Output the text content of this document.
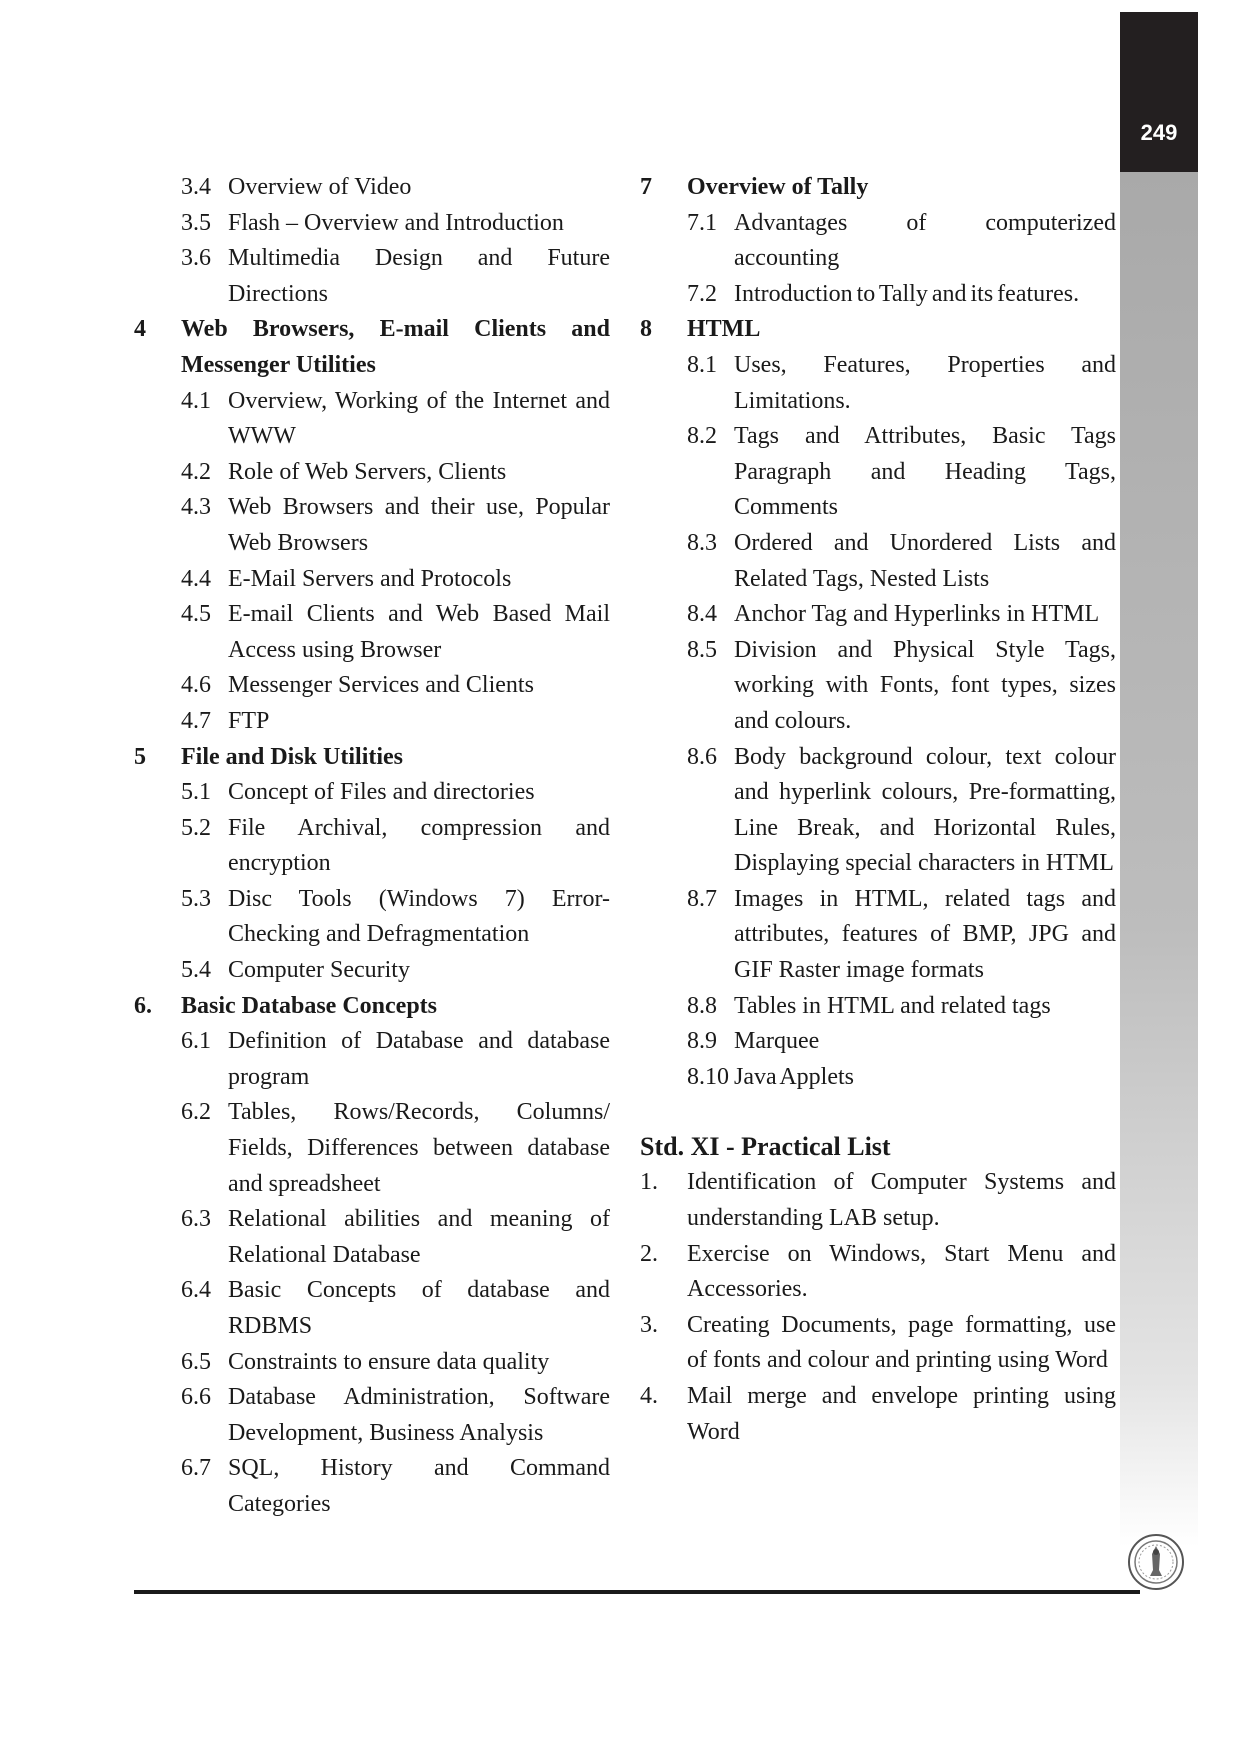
249
3.4 Overview of Video
3.5 Flash – Overview and Introduction
3.6 Multimedia Design and Future Directions
4 Web Browsers, E-mail Clients and Messenger Utilities
4.1 Overview, Working of the Internet and WWW
4.2 Role of Web Servers, Clients
4.3 Web Browsers and their use, Popular Web Browsers
4.4 E-Mail Servers and Protocols
4.5 E-mail Clients and Web Based Mail Access using Browser
4.6 Messenger Services and Clients
4.7 FTP
5 File and Disk Utilities
5.1 Concept of Files and directories
5.2 File Archival, compression and encryption
5.3 Disc Tools (Windows 7) Error-Checking and Defragmentation
5.4 Computer Security
6. Basic Database Concepts
6.1 Definition of Database and database program
6.2 Tables, Rows/Records, Columns/ Fields, Differences between database and spreadsheet
6.3 Relational abilities and meaning of Relational Database
6.4 Basic Concepts of database and RDBMS
6.5 Constraints to ensure data quality
6.6 Database Administration, Software Development, Business Analysis
6.7 SQL, History and Command Categories
7 Overview of Tally
7.1 Advantages of computerized accounting
7.2 Introduction to Tally and its features.
8 HTML
8.1 Uses, Features, Properties and Limitations.
8.2 Tags and Attributes, Basic Tags Paragraph and Heading Tags, Comments
8.3 Ordered and Unordered Lists and Related Tags, Nested Lists
8.4 Anchor Tag and Hyperlinks in HTML
8.5 Division and Physical Style Tags, working with Fonts, font types, sizes and colours.
8.6 Body background colour, text colour and hyperlink colours, Pre-formatting, Line Break, and Horizontal Rules, Displaying special characters in HTML
8.7 Images in HTML, related tags and attributes, features of BMP, JPG and GIF Raster image formats
8.8 Tables in HTML and related tags
8.9 Marquee
8.10 Java Applets
Std. XI - Practical List
1. Identification of Computer Systems and understanding LAB setup.
2. Exercise on Windows, Start Menu and Accessories.
3. Creating Documents, page formatting, use of fonts and colour and printing using Word
4. Mail merge and envelope printing using Word
